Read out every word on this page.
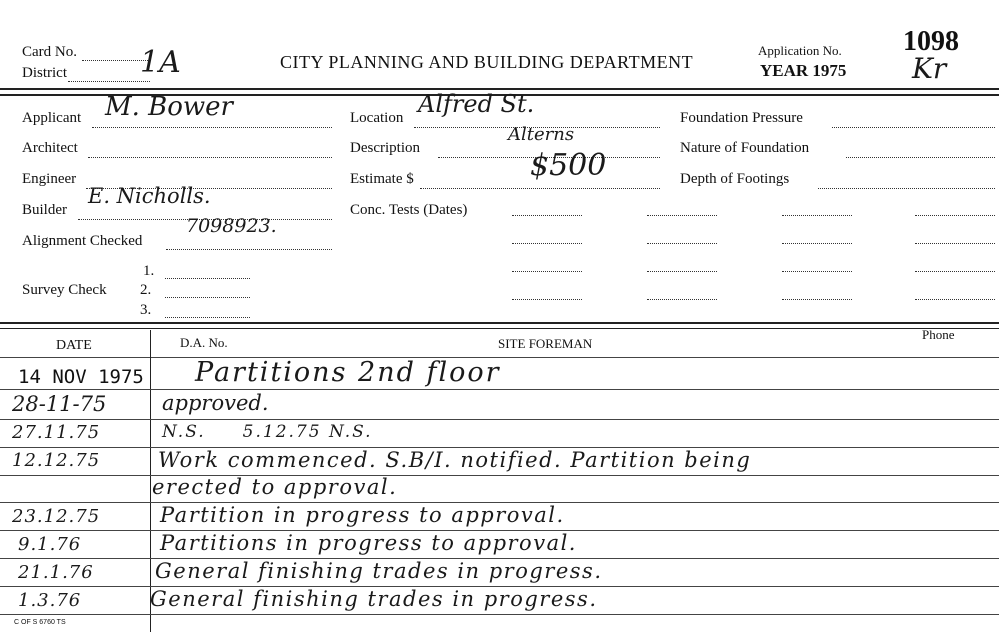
Card No.
District 1A	CITY PLANNING AND BUILDING DEPARTMENT
Application No.
YEAR 1975
1098
Kr
Applicant M. Bower
Architect
Engineer
Builder
E. Nicholls.
Alignment Checked
7098923.
1.
Survey Check 2.
3.
Location Alfred St.
Description
Alterns
Estimate $	$500
Conc. Tests (Dates)
Foundation Pressure
Nature of Foundation
Depth of Footings
DATE	D.A. No.	SITE FOREMAN
Phone
14 NOV 1975 Partitions 2nd floor
28-11-75	approved.
27.11.75	N.S.     5.12.75 N.S.
12.12.75	Work commenced. S.B/I. notified. Partition being
erected to approval.
23.12.75	Partition in progress to approval.
9.1.76	Partitions in progress to approval.
21.1.76	General finishing trades in progress.
1.3.76	General finishing trades in progress.
C OF S 6760 TS
